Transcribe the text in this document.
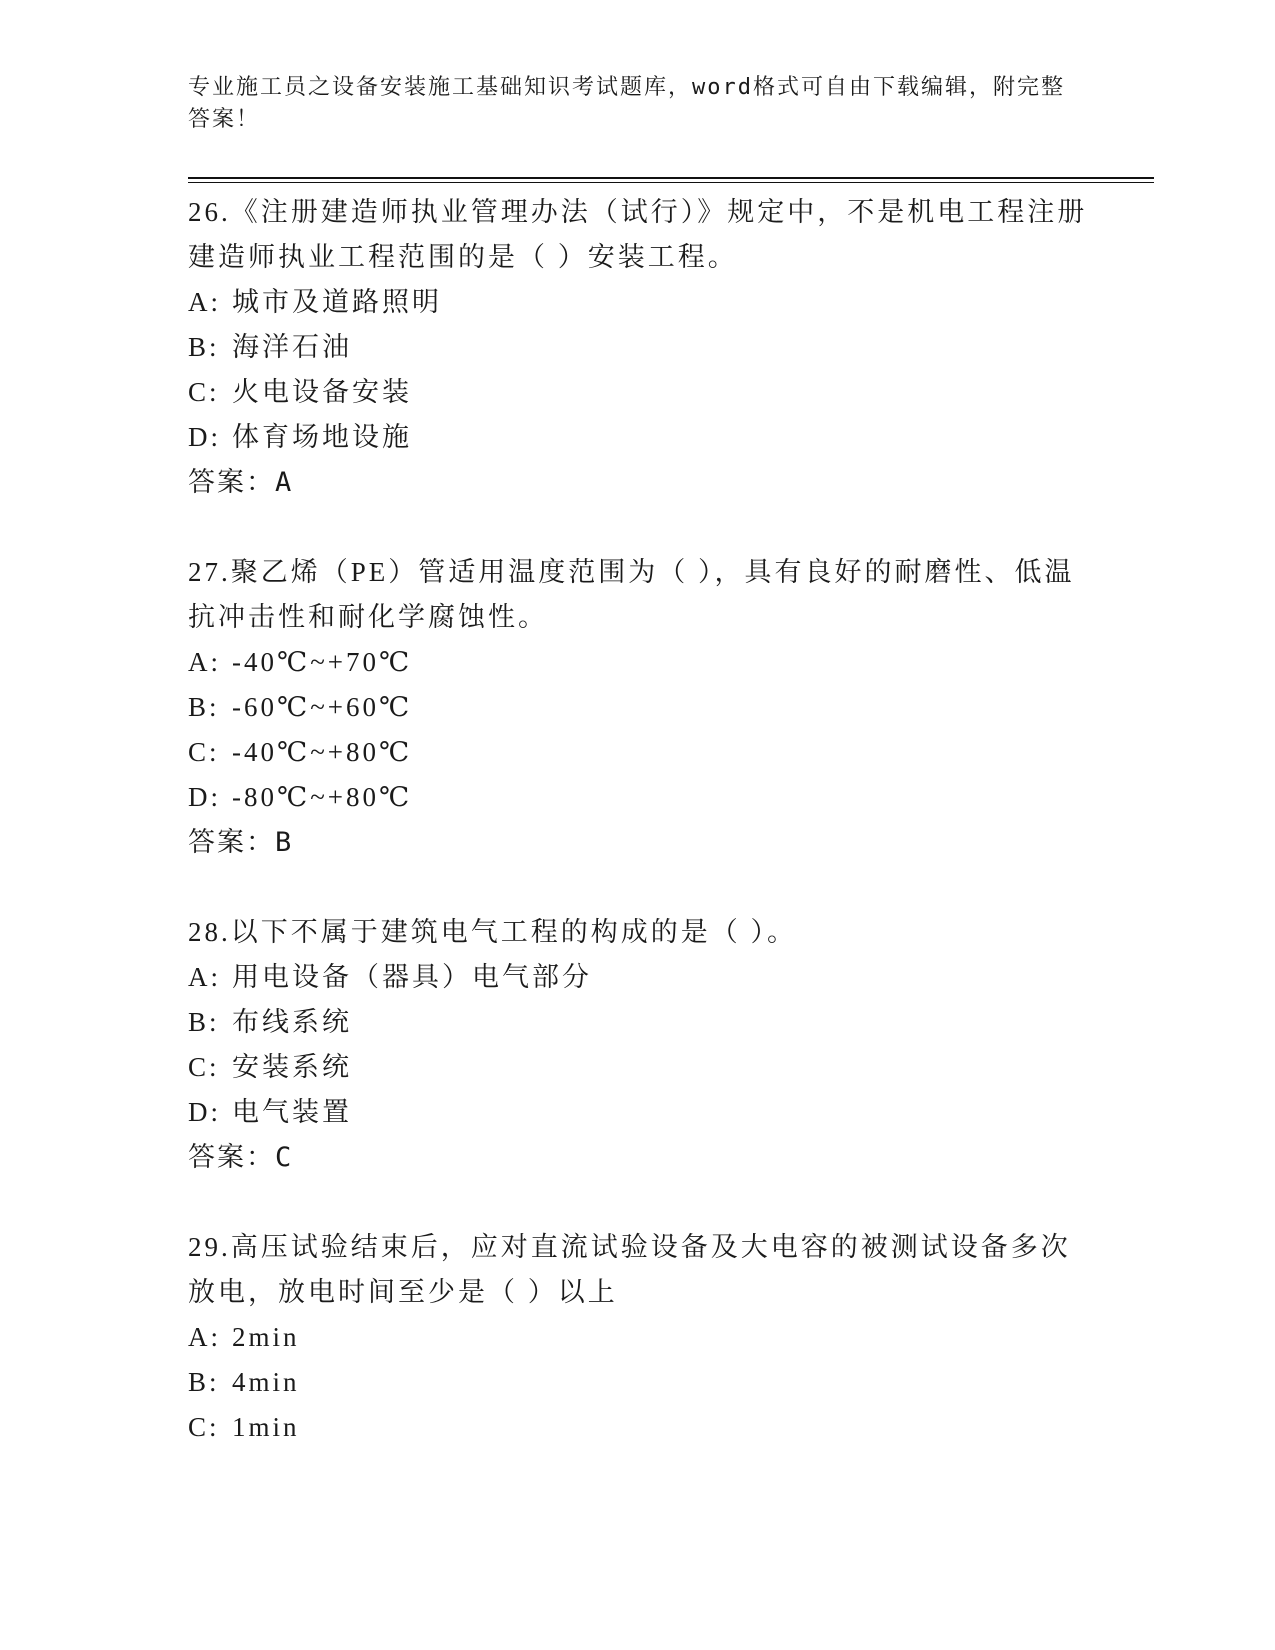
专业施工员之设备安装施工基础知识考试题库，word格式可自由下载编辑，附完整答案！

26.《注册建造师执业管理办法（试行）》规定中，不是机电工程注册建造师执业工程范围的是（ ）安装工程。

A: 城市及道路照明

B: 海洋石油

C: 火电设备安装

D: 体育场地设施

答案：A

27.聚乙烯（PE）管适用温度范围为（ ），具有良好的耐磨性、低温抗冲击性和耐化学腐蚀性。

A: -40℃~+70℃

B: -60℃~+60℃

C: -40℃~+80℃

D: -80℃~+80℃

答案：B

28.以下不属于建筑电气工程的构成的是（ ）。

A: 用电设备（器具）电气部分

B: 布线系统

C: 安装系统

D: 电气装置

答案：C

29.高压试验结束后，应对直流试验设备及大电容的被测试设备多次放电，放电时间至少是（ ）以上

A: 2min

B: 4min

C: 1min
